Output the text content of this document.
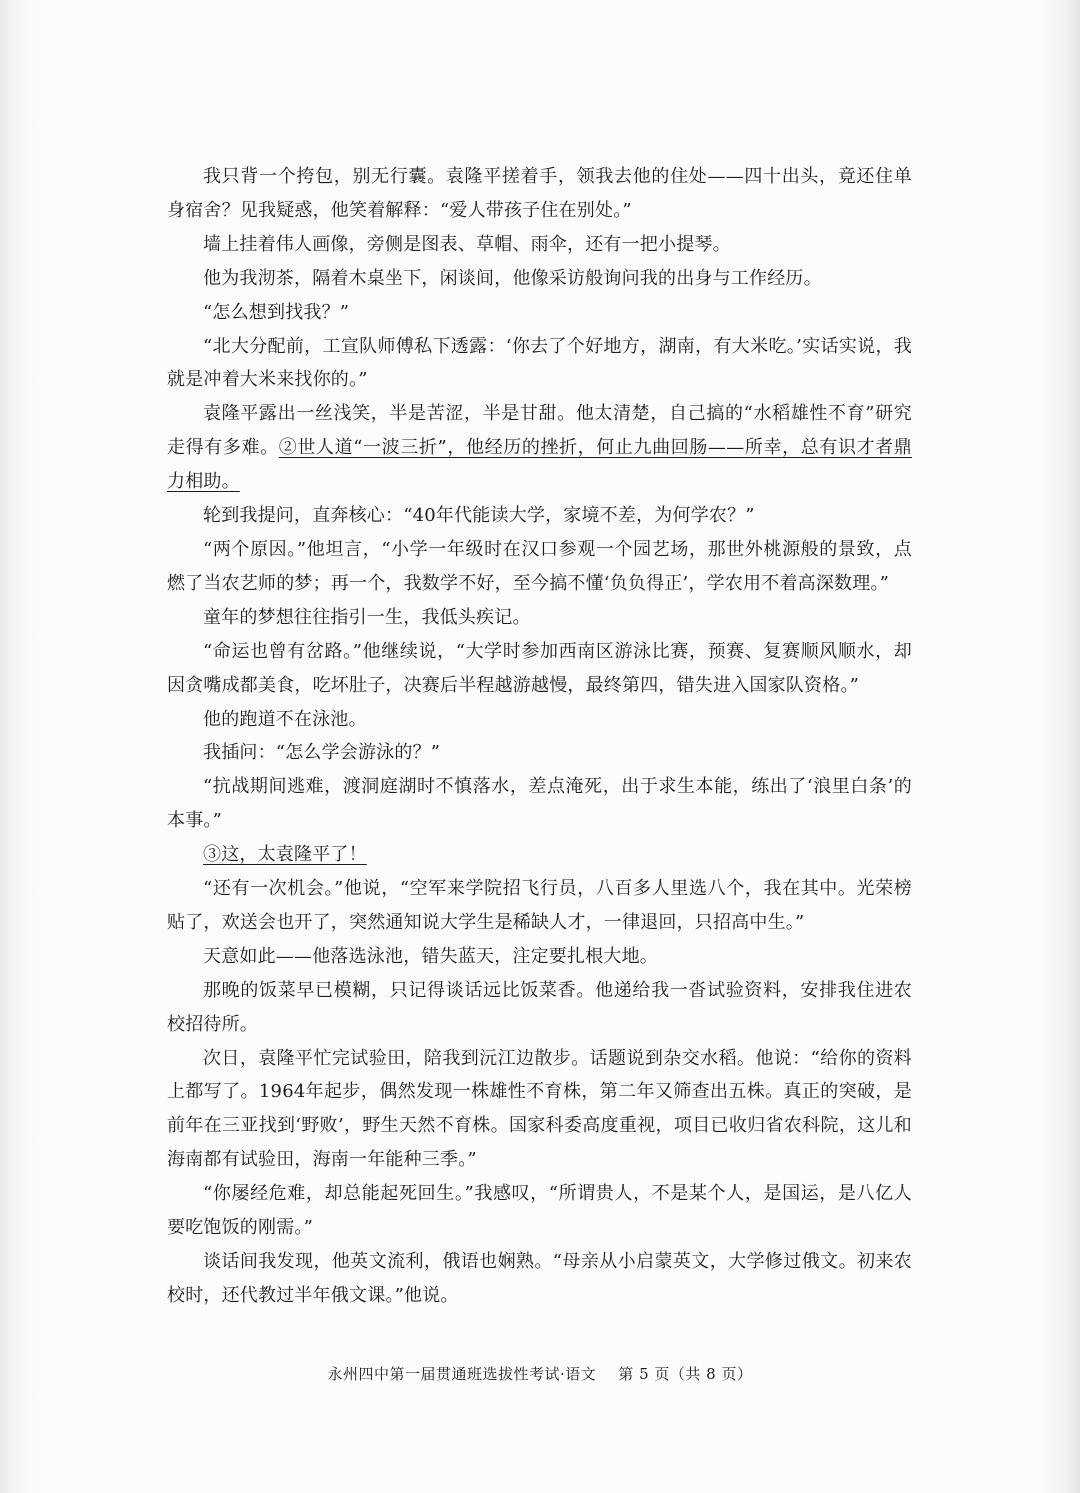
我只背一个挎包，别无行囊。袁隆平搓着手，领我去他的住处——四十出头，竟还住单身宿舍？见我疑惑，他笑着解释：“爱人带孩子住在别处。”

墙上挂着伟人画像，旁侧是图表、草帽、雨伞，还有一把小提琴。

他为我沏茶，隔着木桌坐下，闲谈间，他像采访般询问我的出身与工作经历。

“怎么想到找我？”

“北大分配前，工宣队师傅私下透露：‘你去了个好地方，湖南，有大米吃。’实话实说，我就是冲着大米来找你的。”

袁隆平露出一丝浅笑，半是苦涩，半是甘甜。他太清楚，自己搞的“水稻雄性不育”研究走得有多难。②世人道“一波三折”，他经历的挫折，何止九曲回肠——所幸，总有识才者鼎力相助。

轮到我提问，直奔核心：“40年代能读大学，家境不差，为何学农？”

“两个原因。”他坦言，“小学一年级时在汉口参观一个园艺场，那世外桃源般的景致，点燃了当农艺师的梦；再一个，我数学不好，至今搞不懂‘负负得正’，学农用不着高深数理。”

童年的梦想往往指引一生，我低头疾记。

“命运也曾有岔路。”他继续说，“大学时参加西南区游泳比赛，预赛、复赛顺风顺水，却因贪嘴成都美食，吃坏肚子，决赛后半程越游越慢，最终第四，错失进入国家队资格。”

他的跑道不在泳池。

我插问：“怎么学会游泳的？”

“抗战期间逃难，渡洞庭湖时不慎落水，差点淹死，出于求生本能，练出了‘浪里白条’的本事。”

③这，太袁隆平了！

“还有一次机会。”他说，“空军来学院招飞行员，八百多人里选八个，我在其中。光荣榜贴了，欢送会也开了，突然通知说大学生是稀缺人才，一律退回，只招高中生。”

天意如此——他落选泳池，错失蓝天，注定要扎根大地。

那晚的饭菜早已模糊，只记得谈话远比饭菜香。他递给我一沓试验资料，安排我住进农校招待所。

次日，袁隆平忙完试验田，陪我到沅江边散步。话题说到杂交水稻。他说：“给你的资料上都写了。1964年起步，偶然发现一株雄性不育株，第二年又筛查出五株。真正的突破，是前年在三亚找到‘野败’，野生天然不育株。国家科委高度重视，项目已收归省农科院，这儿和海南都有试验田，海南一年能种三季。”

“你屡经危难，却总能起死回生。”我感叹，“所谓贵人，不是某个人，是国运，是八亿人要吃饱饭的刚需。”

谈话间我发现，他英文流利，俄语也娴熟。“母亲从小启蒙英文，大学修过俄文。初来农校时，还代教过半年俄文课。”他说。

永州四中第一届贯通班选拔性考试·语文 第 5 页（共 8 页）
